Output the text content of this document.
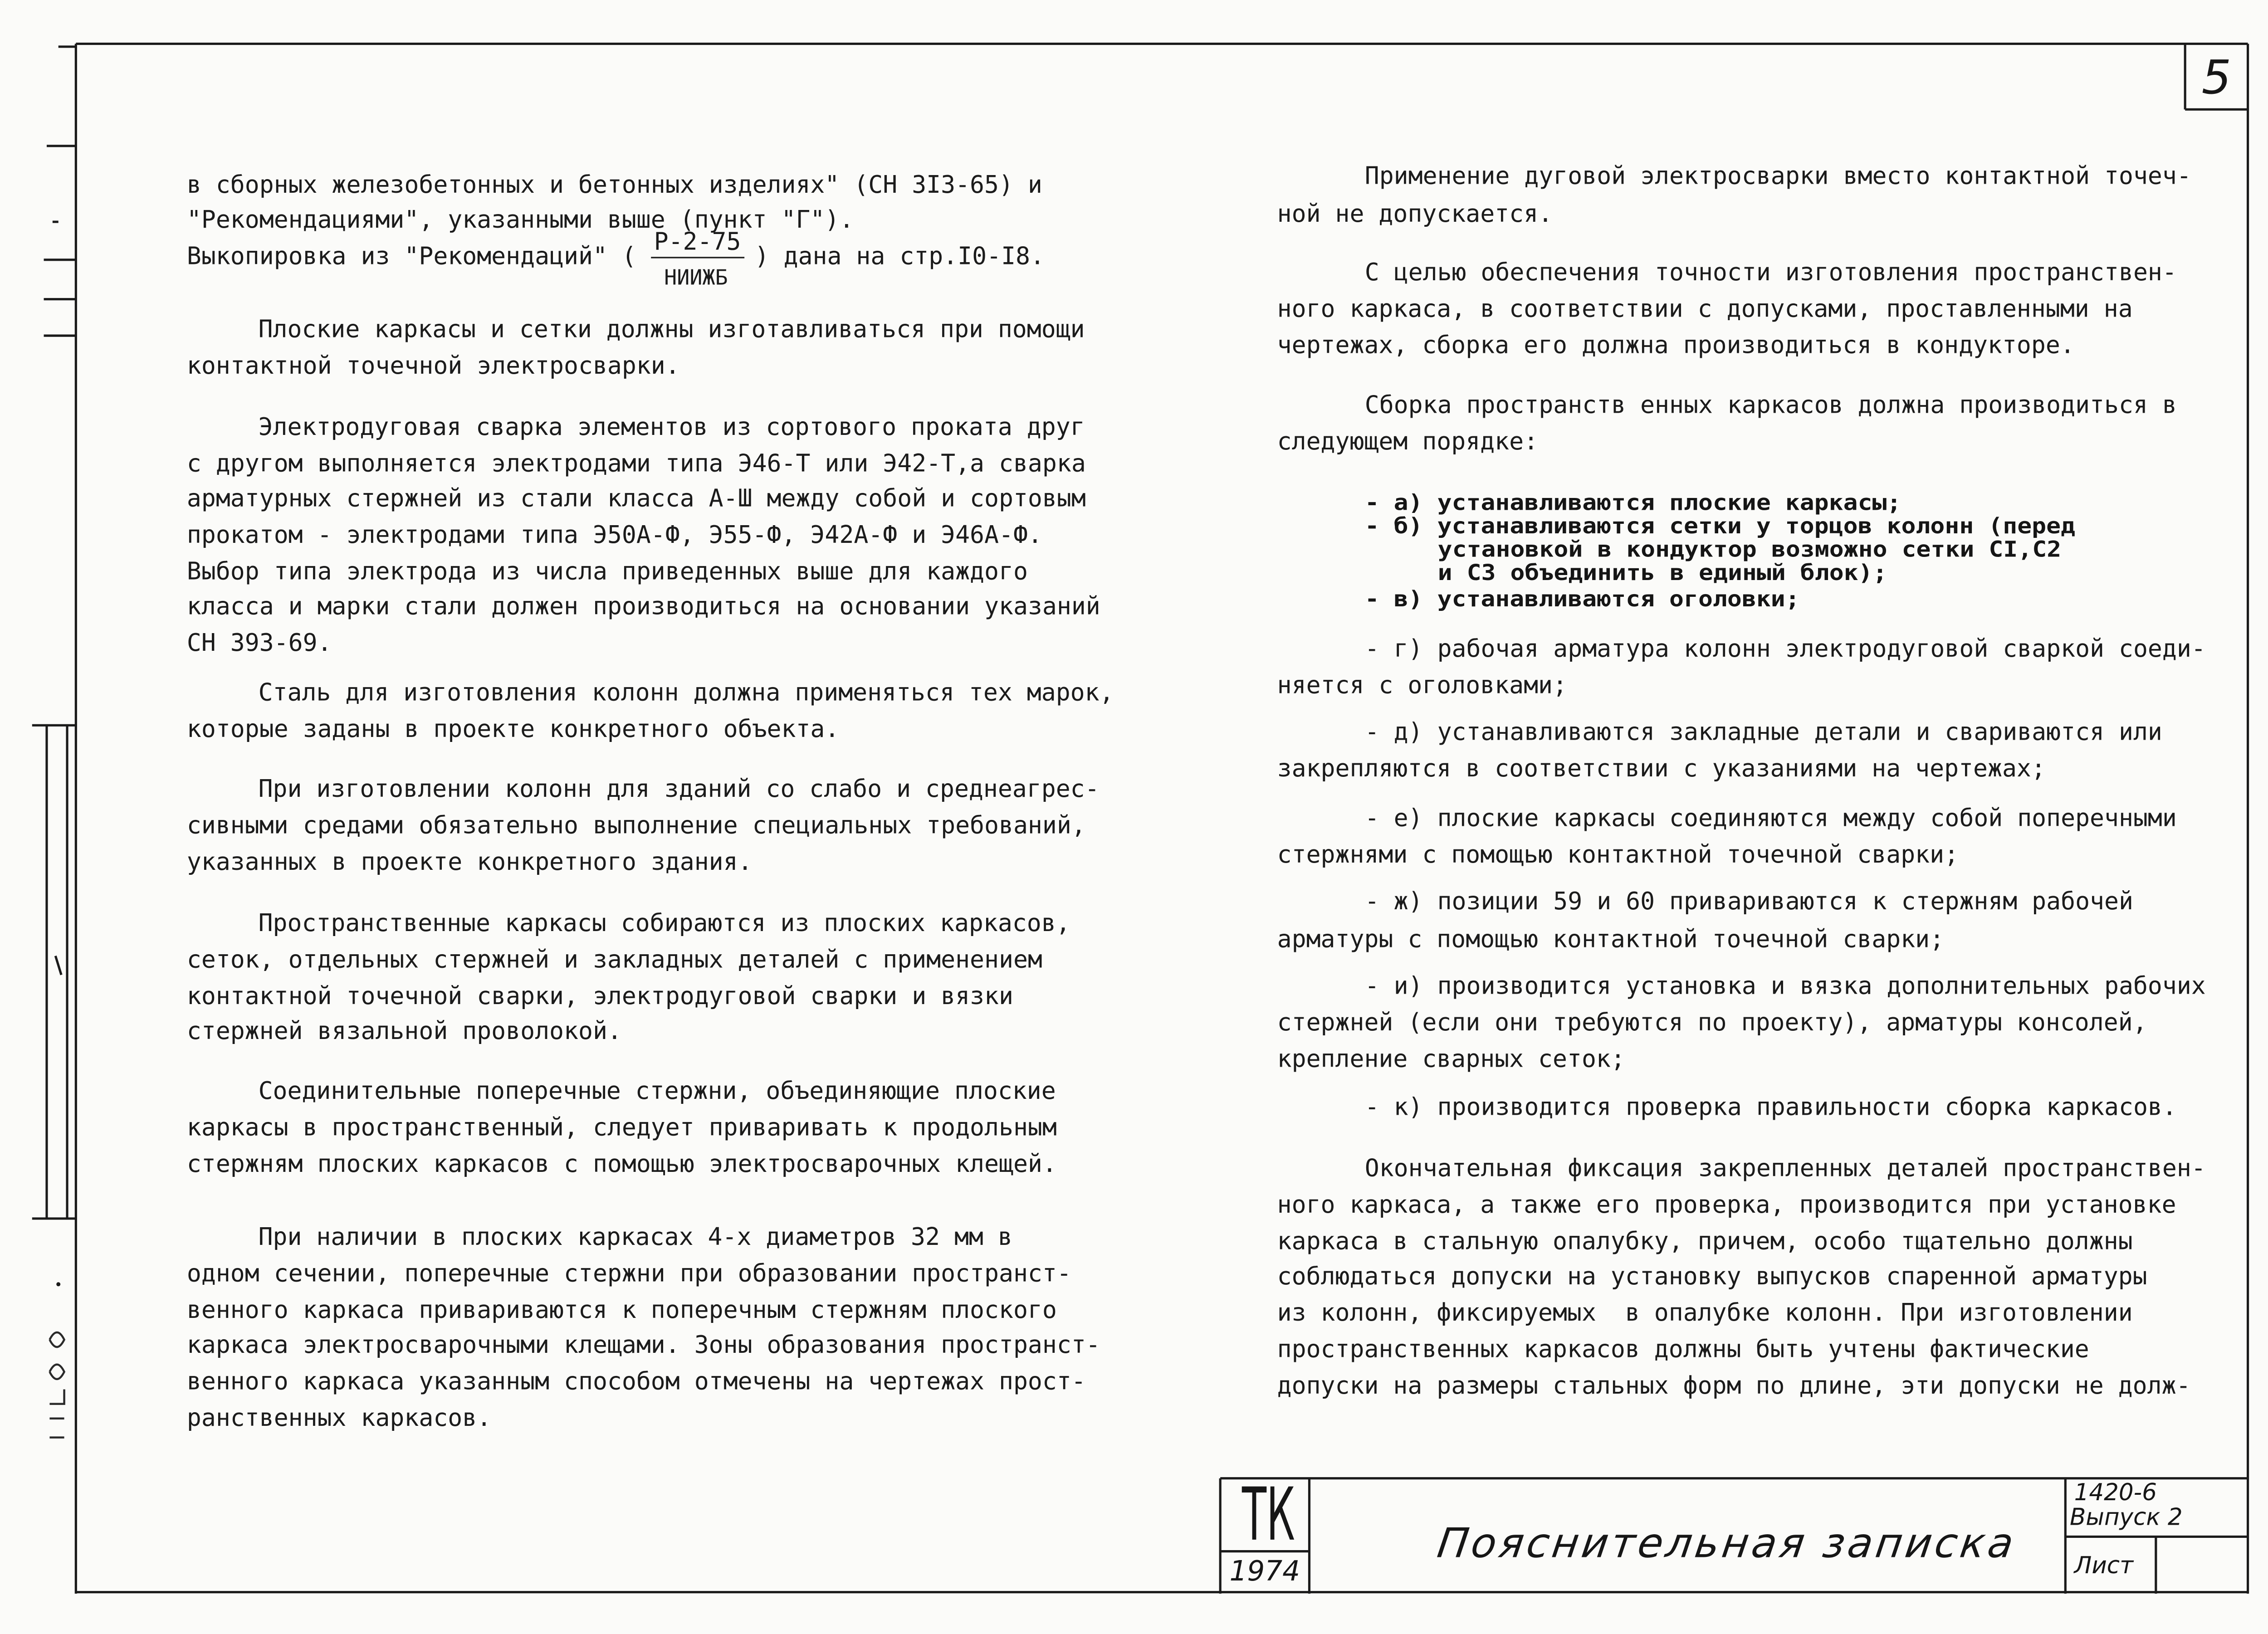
5
в сборных железобетонных и бетонных изделиях" (СН 3I3-65) и
"Рекомендациями", указанными выше (пункт "Г").
Выкопировка из "Рекомендаций" (
Р-2-75
НИИЖБ
) дана на стр.I0-I8.
Плоские каркасы и сетки должны изготавливаться при помощи
контактной точечной электросварки.
Электродуговая сварка элементов из сортового проката друг
с другом выполняется электродами типа Э46-Т или Э42-Т,а сварка
арматурных стержней из стали класса А-Ш между собой и сортовым
прокатом - электродами типа Э50А-Ф, Э55-Ф, Э42А-Ф и Э46А-Ф.
Выбор типа электрода из числа приведенных выше для каждого
класса и марки стали должен производиться на основании указаний
СН 393-69.
Сталь для изготовления колонн должна применяться тех марок,
которые заданы в проекте конкретного объекта.
При изготовлении колонн для зданий со слабо и среднеагрес-
сивными средами обязательно выполнение специальных требований,
указанных в проекте конкретного здания.
Пространственные каркасы собираются из плоских каркасов,
сеток, отдельных стержней и закладных деталей с применением
контактной точечной сварки, электродуговой сварки и вязки
стержней вязальной проволокой.
Соединительные поперечные стержни, объединяющие плоские
каркасы в пространственный, следует приваривать к продольным
стержням плоских каркасов с помощью электросварочных клещей.
При наличии в плоских каркасах 4-х диаметров 32 мм в
одном сечении, поперечные стержни при образовании пространст-
венного каркаса привариваются к поперечным стержням плоского
каркаса электросварочными клещами. Зоны образования пространст-
венного каркаса указанным способом отмечены на чертежах прост-
ранственных каркасов.
Применение дуговой электросварки вместо контактной точеч-
ной не допускается.
С целью обеспечения точности изготовления пространствен-
ного каркаса, в соответствии с допусками, проставленными на
чертежах, сборка его должна производиться в кондукторе.
Сборка пространств енных каркасов должна производиться в
следующем порядке:
- а) устанавливаются плоские каркасы;
- б) устанавливаются сетки у торцов колонн (перед
установкой в кондуктор возможно сетки CI,C2
и C3 объединить в единый блок);
- в) устанавливаются оголовки;
- г) рабочая арматура колонн электродуговой сваркой соеди-
няется с оголовками;
- д) устанавливаются закладные детали и свариваются или
закрепляются в соответствии с указаниями на чертежах;
- е) плоские каркасы соединяются между собой поперечными
стержнями с помощью контактной точечной сварки;
- ж) позиции 59 и 60 привариваются к стержням рабочей
арматуры с помощью контактной точечной сварки;
- и) производится установка и вязка дополнительных рабочих
стержней (если они требуются по проекту), арматуры консолей,
крепление сварных сеток;
- к) производится проверка правильности сборка каркасов.
Окончательная фиксация закрепленных деталей пространствен-
ного каркаса, а также его проверка, производится при установке
каркаса в стальную опалубку, причем, особо тщательно должны
соблюдаться допуски на установку выпусков спаренной арматуры
из колонн, фиксируемых  в опалубке колонн. При изготовлении
пространственных каркасов должны быть учтены фактические
допуски на размеры стальных форм по длине, эти допуски не долж-
ТК
1974
Пояснительная записка
1420-6
Выпуск 2
Лист
